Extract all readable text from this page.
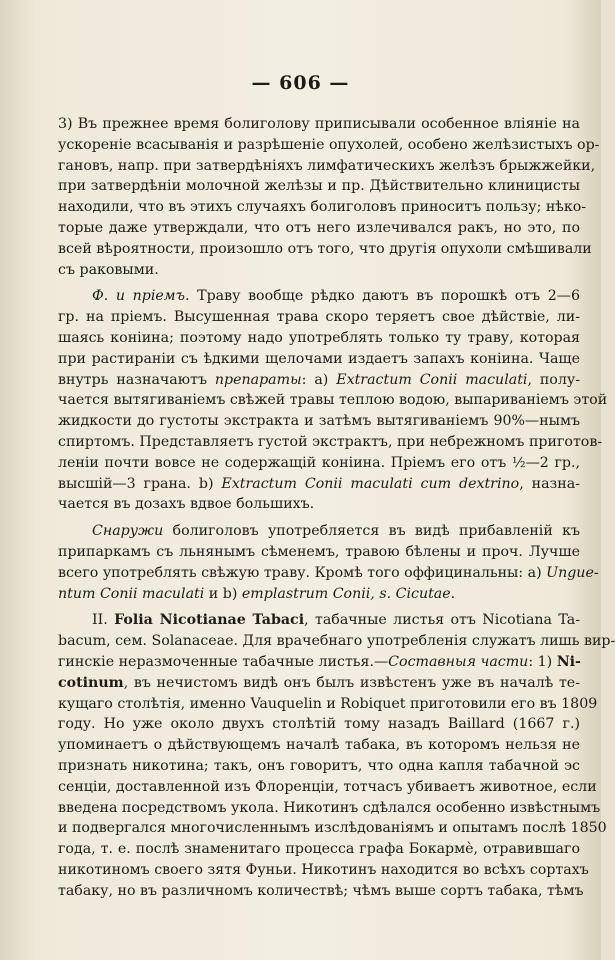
— 606 —
3) Въ прежнее время болиголову приписывали особенное вліяніе на
ускореніе всасыванія и разрѣшеніе опухолей, особено желѣзистыхъ ор-
гановъ, напр. при затвердѣніяхъ лимфатическихъ желѣзъ брыжжейки,
при затвердѣніи молочной желѣзы и пр. Дѣйствительно клиницисты
находили, что въ этихъ случаяхъ болиголовъ приноситъ пользу; нѣко-
торые даже утверждали, что отъ него излечивался ракъ, но это, по
всей вѣроятности, произошло отъ того, что другія опухоли смѣшивали
съ раковыми.
Ф. и пріемъ. Траву вообще рѣдко даютъ въ порошкѣ отъ 2—6
гр. на пріемъ. Высушенная трава скоро теряетъ свое дѣйствіе, ли-
шаясь коніина; поэтому надо употреблять только ту траву, которая
при растираніи съ ѣдкими щелочами издаетъ запахъ коніина. Чаще
внутрь назначаютъ препараты: a) Extractum Conii maculati, полу-
чается вытягиваніемъ свѣжей травы теплою водою, выпариваніемъ этой
жидкости до густоты экстракта и затѣмъ вытягиваніемъ 90%—нымъ
спиртомъ. Представляетъ густой экстрактъ, при небрежномъ приготов-
леніи почти вовсе не содержащій коніина. Пріемъ его отъ ½—2 гр.,
высшій—3 грана. b) Extractum Conii maculati cum dextrino, назна-
чается въ дозахъ вдвое большихъ.
Снаружи болиголовъ употребляется въ видѣ прибавленій къ
припаркамъ съ льнянымъ сѣменемъ, травою бѣлены и проч. Лучше
всего употреблять свѣжую траву. Кромѣ того оффицинальны: a) Ungue-
ntum Conii maculati и b) emplastrum Conii, s. Cicutae.
II. Folia Nicotianae Tabaci, табачные листья отъ Nicotiana Ta-
bacum, сем. Solanaceae. Для врачебнаго употребленія служатъ лишь вир-
гинскіе неразмоченные табачные листья.—Составныя части: 1) Ni-
cotinum, въ нечистомъ видѣ онъ былъ извѣстенъ уже въ началѣ те-
кущаго столѣтія, именно Vauquelin и Robiquet приготовили его въ 1809
году. Но уже около двухъ столѣтій тому назадъ Baillard (1667 г.)
упоминаетъ о дѣйствующемъ началѣ табака, въ которомъ нельзя не
признать никотина; такъ, онъ говоритъ, что одна капля табачной эс
сенціи, доставленной изъ Флоренціи, тотчасъ убиваетъ животное, если
введена посредствомъ укола. Никотинъ сдѣлался особенно извѣстнымъ
и подвергался многочисленнымъ изслѣдованіямъ и опытамъ послѣ 1850
года, т. е. послѣ знаменитаго процесса графа Бокармѐ, отравившаго
никотиномъ своего зятя Фуньи. Никотинъ находится во всѣхъ сортахъ
табаку, но въ различномъ количествѣ; чѣмъ выше сортъ табака, тѣмъ
